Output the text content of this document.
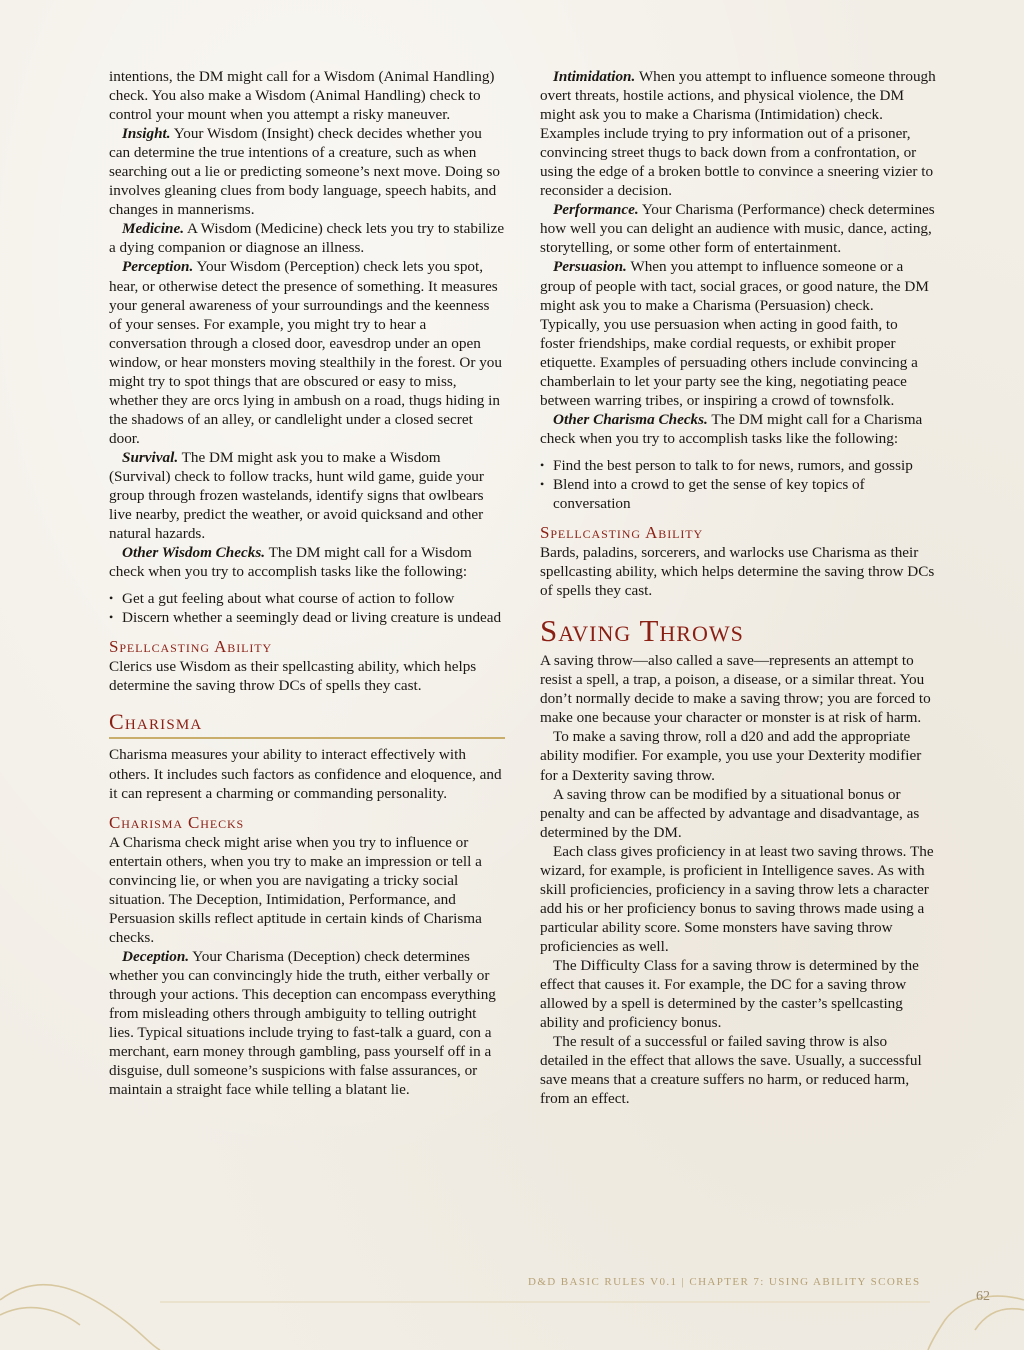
intentions, the DM might call for a Wisdom (Animal Handling) check. You also make a Wisdom (Animal Handling) check to control your mount when you attempt a risky maneuver.

Insight. Your Wisdom (Insight) check decides whether you can determine the true intentions of a creature, such as when searching out a lie or predicting someone’s next move. Doing so involves gleaning clues from body language, speech habits, and changes in mannerisms.

Medicine. A Wisdom (Medicine) check lets you try to stabilize a dying companion or diagnose an illness.

Perception. Your Wisdom (Perception) check lets you spot, hear, or otherwise detect the presence of something. It measures your general awareness of your surroundings and the keenness of your senses. For example, you might try to hear a conversation through a closed door, eavesdrop under an open window, or hear monsters moving stealthily in the forest. Or you might try to spot things that are obscured or easy to miss, whether they are orcs lying in ambush on a road, thugs hiding in the shadows of an alley, or candlelight under a closed secret door.

Survival. The DM might ask you to make a Wisdom (Survival) check to follow tracks, hunt wild game, guide your group through frozen wastelands, identify signs that owlbears live nearby, predict the weather, or avoid quicksand and other natural hazards.

Other Wisdom Checks. The DM might call for a Wisdom check when you try to accomplish tasks like the following:

• Get a gut feeling about what course of action to follow
• Discern whether a seemingly dead or living creature is undead
Spellcasting Ability

Clerics use Wisdom as their spellcasting ability, which helps determine the saving throw DCs of spells they cast.

Charisma

Charisma measures your ability to interact effectively with others. It includes such factors as confidence and eloquence, and it can represent a charming or commanding personality.

Charisma Checks

A Charisma check might arise when you try to influence or entertain others, when you try to make an impression or tell a convincing lie, or when you are navigating a tricky social situation. The Deception, Intimidation, Performance, and Persuasion skills reflect aptitude in certain kinds of Charisma checks.

Deception. Your Charisma (Deception) check determines whether you can convincingly hide the truth, either verbally or through your actions. This deception can encompass everything from misleading others through ambiguity to telling outright lies. Typical situations include trying to fast-talk a guard, con a merchant, earn money through gambling, pass yourself off in a disguise, dull someone’s suspicions with false assurances, or maintain a straight face while telling a blatant lie.

Intimidation. When you attempt to influence someone through overt threats, hostile actions, and physical violence, the DM might ask you to make a Charisma (Intimidation) check. Examples include trying to pry information out of a prisoner, convincing street thugs to back down from a confrontation, or using the edge of a broken bottle to convince a sneering vizier to reconsider a decision.

Performance. Your Charisma (Performance) check determines how well you can delight an audience with music, dance, acting, storytelling, or some other form of entertainment.

Persuasion. When you attempt to influence someone or a group of people with tact, social graces, or good nature, the DM might ask you to make a Charisma (Persuasion) check. Typically, you use persuasion when acting in good faith, to foster friendships, make cordial requests, or exhibit proper etiquette. Examples of persuading others include convincing a chamberlain to let your party see the king, negotiating peace between warring tribes, or inspiring a crowd of townsfolk.

Other Charisma Checks. The DM might call for a Charisma check when you try to accomplish tasks like the following:

• Find the best person to talk to for news, rumors, and gossip
• Blend into a crowd to get the sense of key topics of conversation
Spellcasting Ability

Bards, paladins, sorcerers, and warlocks use Charisma as their spellcasting ability, which helps determine the saving throw DCs of spells they cast.

Saving Throws

A saving throw—also called a save—represents an attempt to resist a spell, a trap, a poison, a disease, or a similar threat. You don’t normally decide to make a saving throw; you are forced to make one because your character or monster is at risk of harm.

To make a saving throw, roll a d20 and add the appropriate ability modifier. For example, you use your Dexterity modifier for a Dexterity saving throw.

A saving throw can be modified by a situational bonus or penalty and can be affected by advantage and disadvantage, as determined by the DM.

Each class gives proficiency in at least two saving throws. The wizard, for example, is proficient in Intelligence saves. As with skill proficiencies, proficiency in a saving throw lets a character add his or her proficiency bonus to saving throws made using a particular ability score. Some monsters have saving throw proficiencies as well.

The Difficulty Class for a saving throw is determined by the effect that causes it. For example, the DC for a saving throw allowed by a spell is determined by the caster’s spellcasting ability and proficiency bonus.

The result of a successful or failed saving throw is also detailed in the effect that allows the save. Usually, a successful save means that a creature suffers no harm, or reduced harm, from an effect.

D&D BASIC RULES V0.1 | CHAPTER 7: USING ABILITY SCORES
62
